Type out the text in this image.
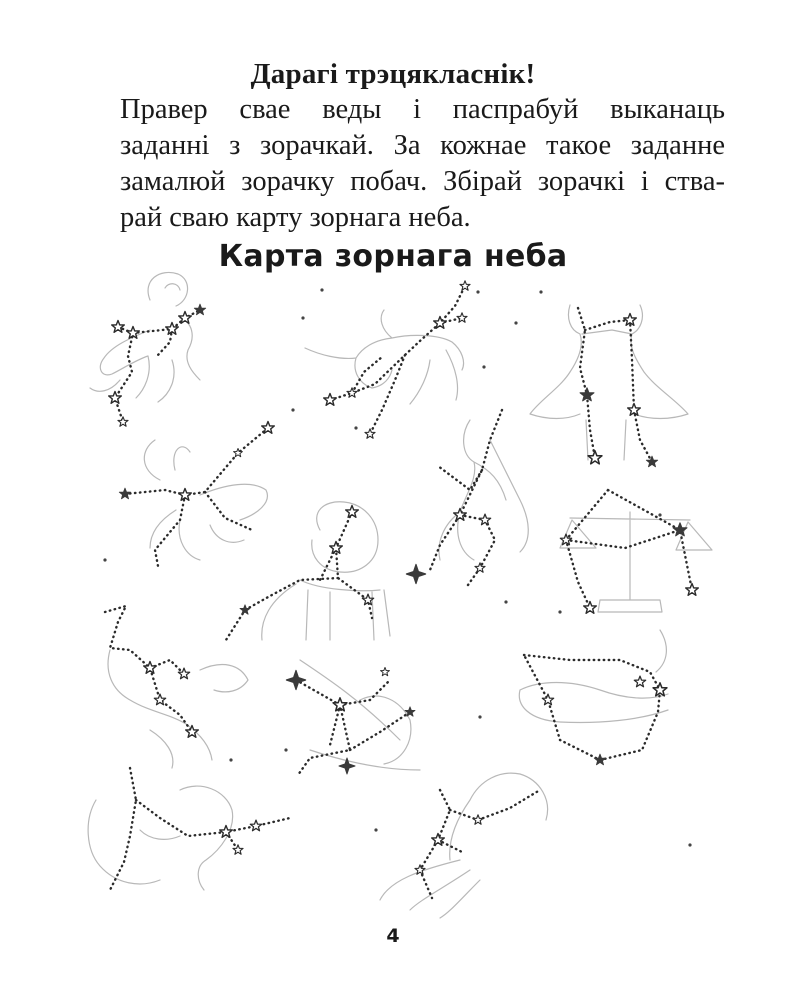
Дарагі трэцякласнік!

Правер свае веды і паспрабуй выканаць
заданні з зорачкай. За кожнае такое заданне
замалюй зорачку побач. Збірай зорачкі і ства-
рай сваю карту зорнага неба.

Карта зорнага неба
4
